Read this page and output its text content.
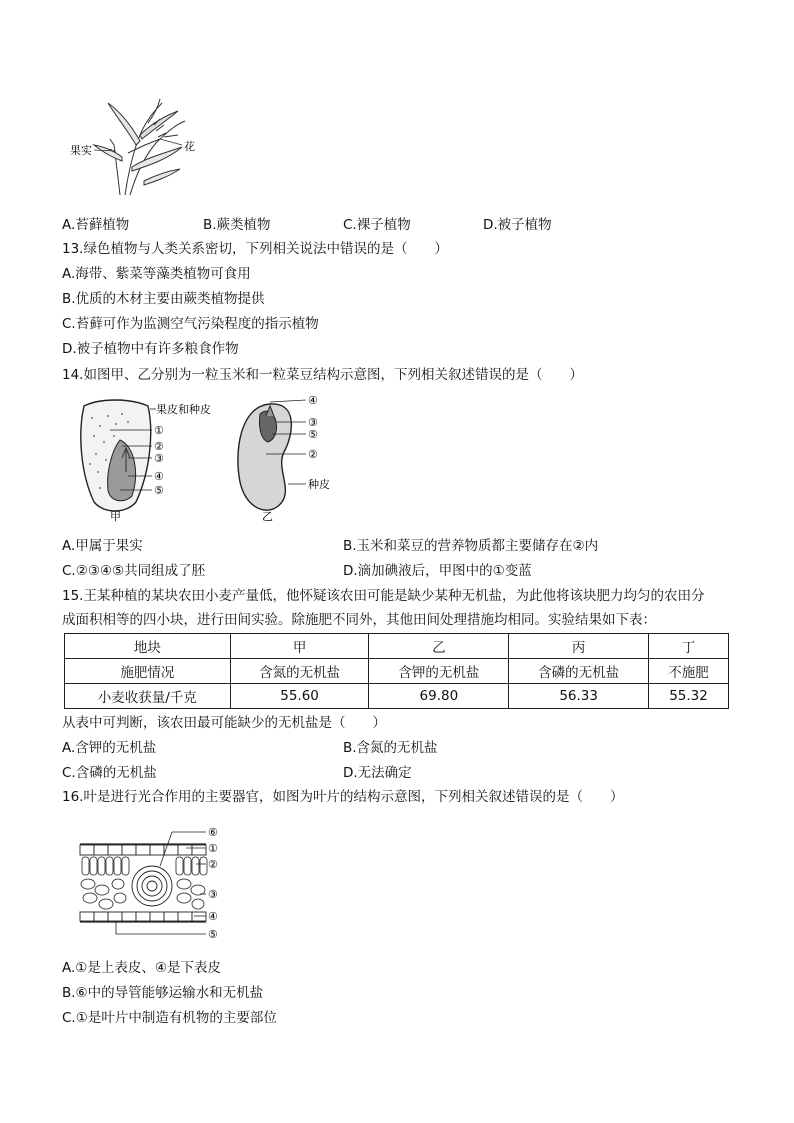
果实	花
A.苔藓植物	B.蕨类植物	C.裸子植物	D.被子植物
13.绿色植物与人类关系密切，下列相关说法中错误的是（　　）
A.海带、紫菜等藻类植物可食用
B.优质的木材主要由蕨类植物提供
C.苔藓可作为监测空气污染程度的指示植物
D.被子植物中有许多粮食作物
14.如图甲、乙分别为一粒玉米和一粒菜豆结构示意图，下列相关叙述错误的是（　　）
果皮和种皮
①
②
③
④
⑤
甲
④
③
⑤
②
种皮
乙
A.甲属于果实	B.玉米和菜豆的营养物质都主要储存在②内
C.②③④⑤共同组成了胚	D.滴加碘液后，甲图中的①变蓝
15.王某种植的某块农田小麦产量低，他怀疑该农田可能是缺少某种无机盐，为此他将该块肥力均匀的农田分
成面积相等的四小块，进行田间实验。除施肥不同外，其他田间处理措施均相同。实验结果如下表：
地块	甲	乙	丙	丁
施肥情况	含氮的无机盐	含钾的无机盐	含磷的无机盐	不施肥
小麦收获量/千克	55.60	69.80	56.33	55.32
从表中可判断，该农田最可能缺少的无机盐是（　　）
A.含钾的无机盐	B.含氮的无机盐
C.含磷的无机盐	D.无法确定
16.叶是进行光合作用的主要器官，如图为叶片的结构示意图，下列相关叙述错误的是（　　）
⑥
①
②
③
④
⑤
A.①是上表皮、④是下表皮
B.⑥中的导管能够运输水和无机盐
C.①是叶片中制造有机物的主要部位
